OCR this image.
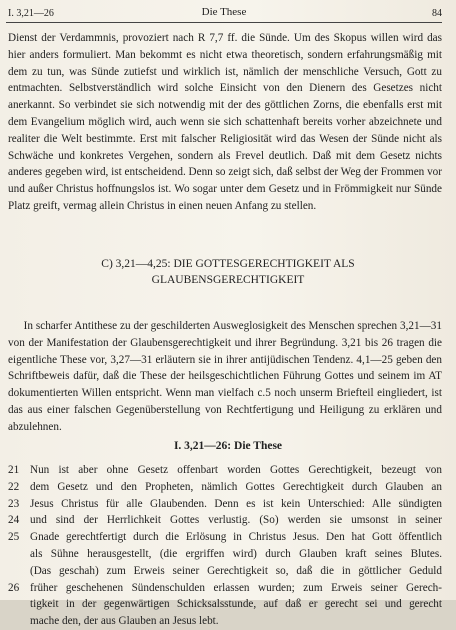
I. 3,21—26	Die These	84
Dienst der Verdammnis, provoziert nach R 7,7 ff. die Sünde. Um des Skopus willen wird das hier anders formuliert. Man bekommt es nicht etwa theoretisch, sondern erfahrungsmäßig mit dem zu tun, was Sünde zutiefst und wirklich ist, nämlich der menschliche Versuch, Gott zu entmachten. Selbstverständlich wird solche Einsicht von den Dienern des Gesetzes nicht anerkannt. So verbindet sie sich notwendig mit der des göttlichen Zorns, die ebenfalls erst mit dem Evangelium möglich wird, auch wenn sie sich schattenhaft bereits vorher abzeichnete und realiter die Welt bestimmte. Erst mit falscher Religiosität wird das Wesen der Sünde nicht als Schwäche und konkretes Vergehen, sondern als Frevel deutlich. Daß mit dem Gesetz nichts anderes gegeben wird, ist entscheidend. Denn so zeigt sich, daß selbst der Weg der Frommen vor und außer Christus hoffnungslos ist. Wo sogar unter dem Gesetz und in Frömmigkeit nur Sünde Platz greift, vermag allein Christus in einen neuen Anfang zu stellen.
C) 3,21—4,25: DIE GOTTESGERECHTIGKEIT ALS
GLAUBENSGERECHTIGKEIT
In scharfer Antithese zu der geschilderten Ausweglosigkeit des Menschen sprechen 3,21—31 von der Manifestation der Glaubensgerechtigkeit und ihrer Begründung. 3,21 bis 26 tragen die eigentliche These vor, 3,27—31 erläutern sie in ihrer antijüdischen Tendenz. 4,1—25 geben den Schriftbeweis dafür, daß die These der heilsgeschichtlichen Führung Gottes und seinem im AT dokumentierten Willen entspricht. Wenn man vielfach c.5 noch unserm Briefteil eingliedert, ist das aus einer falschen Gegenüberstellung von Rechtfertigung und Heiligung zu erklären und abzulehnen.
I. 3,21—26: Die These
21 Nun ist aber ohne Gesetz offenbart worden Gottes Gerechtigkeit, bezeugt von
22 dem Gesetz und den Propheten, nämlich Gottes Gerechtigkeit durch Glauben an
23 Jesus Christus für alle Glaubenden. Denn es ist kein Unterschied: Alle sündigten
24 und sind der Herrlichkeit Gottes verlustig. (So) werden sie umsonst in seiner
25 Gnade gerechtfertigt durch die Erlösung in Christus Jesus. Den hat Gott öffentlich
als Sühne herausgestellt, (die ergriffen wird) durch Glauben kraft seines Blutes.
(Das geschah) zum Erweis seiner Gerechtigkeit so, daß die in göttlicher Geduld
26 früher geschehenen Sündenschulden erlassen wurden; zum Erweis seiner Gerech-
tigkeit in der gegenwärtigen Schicksalsstunde, auf daß er gerecht sei und gerecht
mache den, der aus Glauben an Jesus lebt.
